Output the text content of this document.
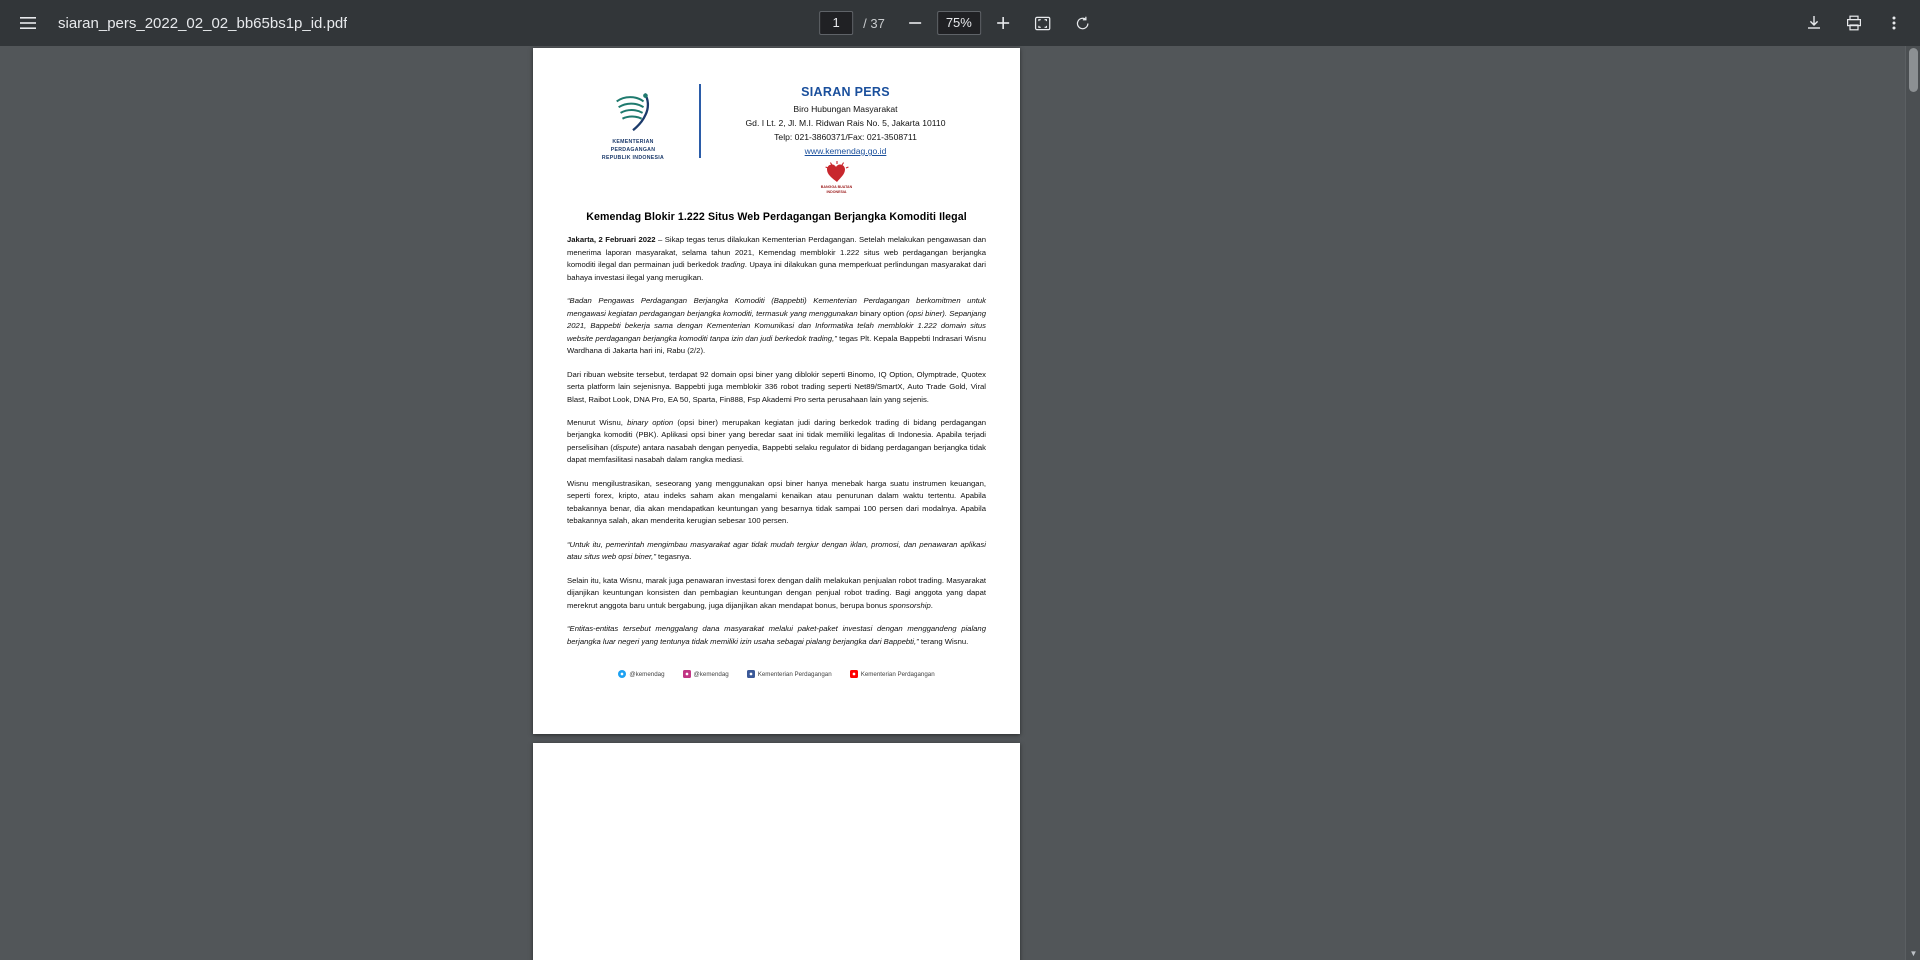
siaran_pers_2022_02_02_bb65bs1p_id.pdf	1	/ 37	75%
KEMENTERIAN
PERDAGANGAN
REPUBLIK INDONESIA
SIARAN PERS
Biro Hubungan Masyarakat
Gd. I Lt. 2, Jl. M.I. Ridwan Rais No. 5, Jakarta 10110
Telp: 021-3860371/Fax: 021-3508711
www.kemendag.go.id
BANGGA BUATAN
INDONESIA
Kemendag Blokir 1.222 Situs Web Perdagangan Berjangka Komoditi Ilegal

Jakarta, 2 Februari 2022 – Sikap tegas terus dilakukan Kementerian Perdagangan. Setelah melakukan pengawasan dan menerima laporan masyarakat, selama tahun 2021, Kemendag memblokir 1.222 situs web perdagangan berjangka komoditi ilegal dan permainan judi berkedok trading. Upaya ini dilakukan guna memperkuat perlindungan masyarakat dari bahaya investasi ilegal yang merugikan.

“Badan Pengawas Perdagangan Berjangka Komoditi (Bappebti) Kementerian Perdagangan berkomitmen untuk mengawasi kegiatan perdagangan berjangka komoditi, termasuk yang menggunakan binary option (opsi biner). Sepanjang 2021, Bappebti bekerja sama dengan Kementerian Komunikasi dan Informatika telah memblokir 1.222 domain situs website perdagangan berjangka komoditi tanpa izin dan judi berkedok trading,” tegas Plt. Kepala Bappebti Indrasari Wisnu Wardhana di Jakarta hari ini, Rabu (2/2).

Dari ribuan website tersebut, terdapat 92 domain opsi biner yang diblokir seperti Binomo, IQ Option, Olymptrade, Quotex serta platform lain sejenisnya. Bappebti juga memblokir 336 robot trading seperti Net89/SmartX, Auto Trade Gold, Viral Blast, Raibot Look, DNA Pro, EA 50, Sparta, Fin888, Fsp Akademi Pro serta perusahaan lain yang sejenis.

Menurut Wisnu, binary option (opsi biner) merupakan kegiatan judi daring berkedok trading di bidang perdagangan berjangka komoditi (PBK). Aplikasi opsi biner yang beredar saat ini tidak memiliki legalitas di Indonesia. Apabila terjadi perselisihan (dispute) antara nasabah dengan penyedia, Bappebti selaku regulator di bidang perdagangan berjangka tidak dapat memfasilitasi nasabah dalam rangka mediasi.

Wisnu mengilustrasikan, seseorang yang menggunakan opsi biner hanya menebak harga suatu instrumen keuangan, seperti forex, kripto, atau indeks saham akan mengalami kenaikan atau penurunan dalam waktu tertentu. Apabila tebakannya benar, dia akan mendapatkan keuntungan yang besarnya tidak sampai 100 persen dari modalnya. Apabila tebakannya salah, akan menderita kerugian sebesar 100 persen.

“Untuk itu, pemerintah mengimbau masyarakat agar tidak mudah tergiur dengan iklan, promosi, dan penawaran aplikasi atau situs web opsi biner,” tegasnya.

Selain itu, kata Wisnu, marak juga penawaran investasi forex dengan dalih melakukan penjualan robot trading. Masyarakat dijanjikan keuntungan konsisten dan pembagian keuntungan dengan penjual robot trading. Bagi anggota yang dapat merekrut anggota baru untuk bergabung, juga dijanjikan akan mendapat bonus, berupa bonus sponsorship.

“Entitas-entitas tersebut menggalang dana masyarakat melalui paket-paket investasi dengan menggandeng pialang berjangka luar negeri yang tentunya tidak memiliki izin usaha sebagai pialang berjangka dari Bappebti,” terang Wisnu.

@kemendag	@kemendag	Kementerian Perdagangan	Kementerian Perdagangan
▼
